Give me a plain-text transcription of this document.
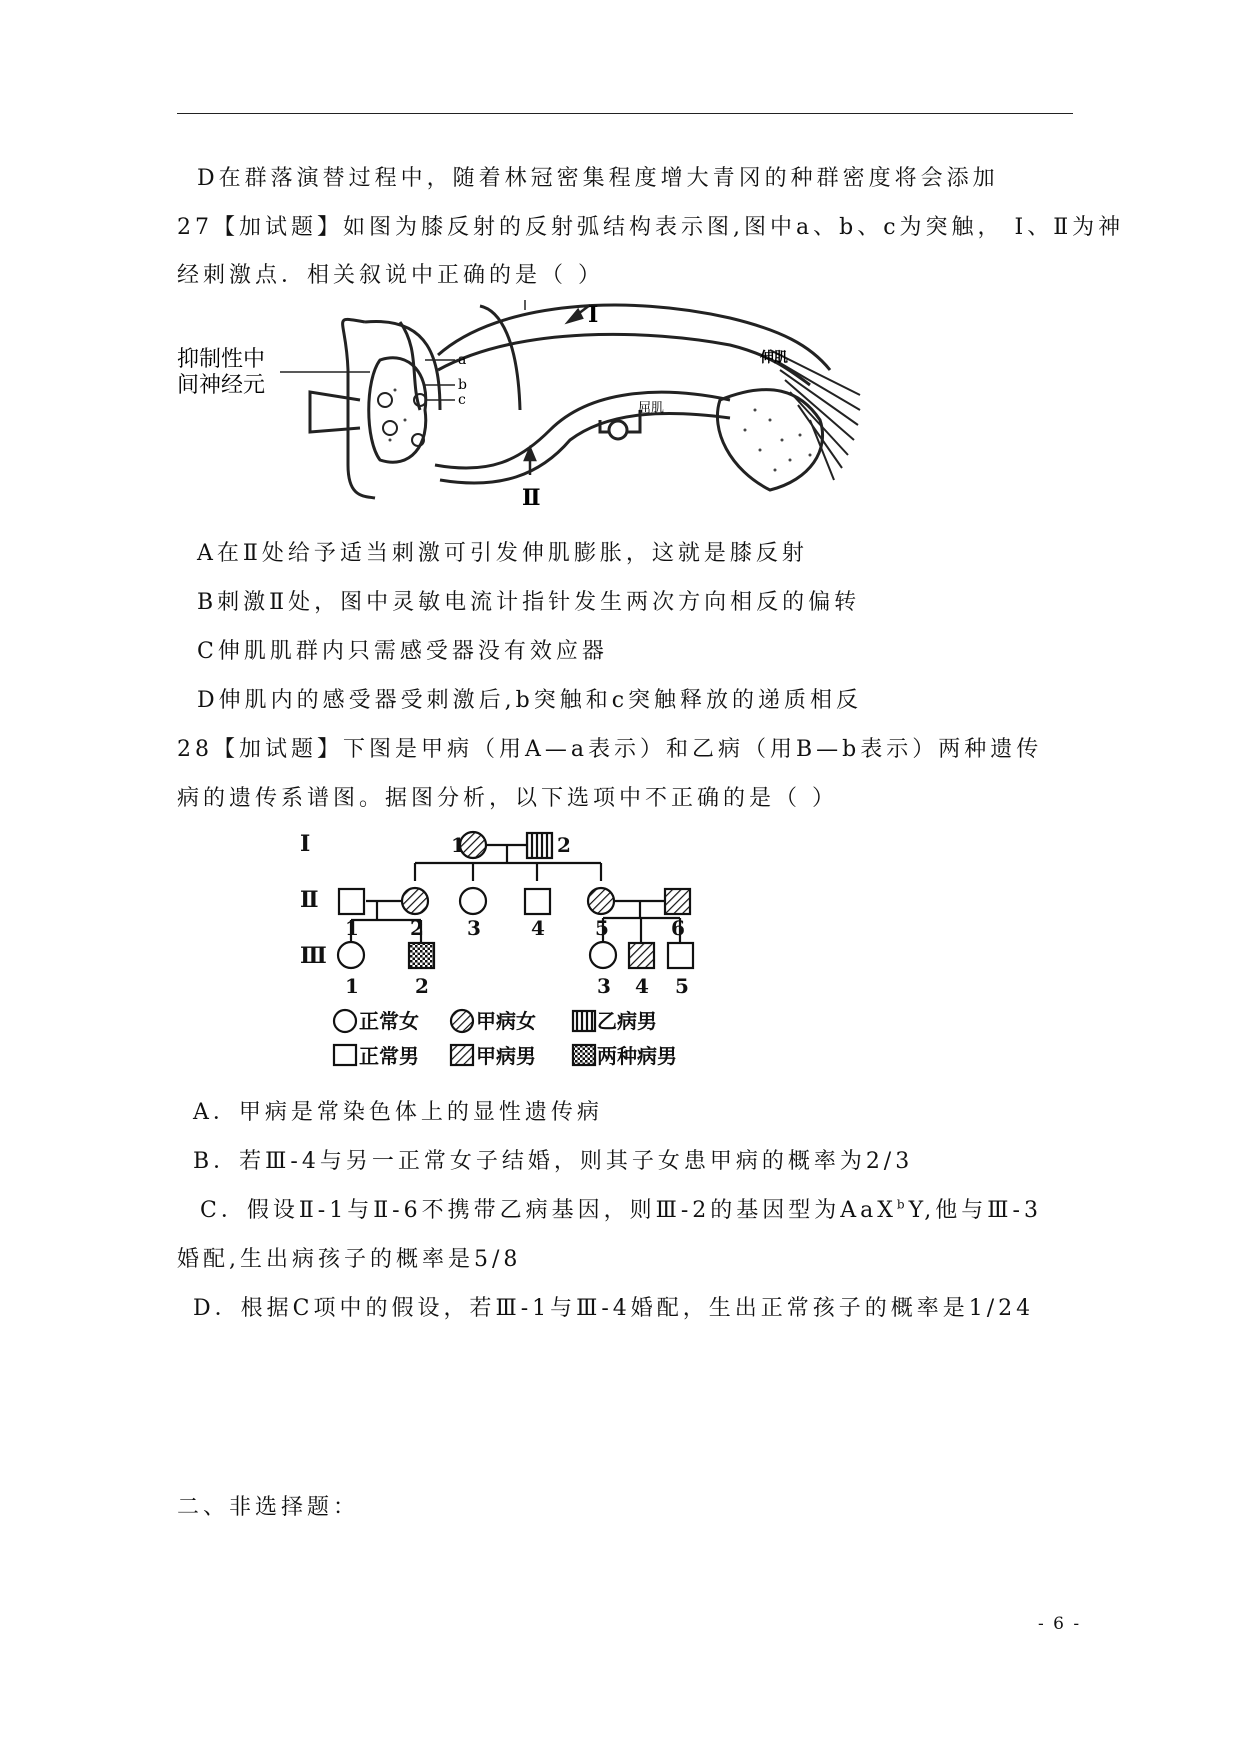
D在群落演替过程中，随着林冠密集程度增大青冈的种群密度将会添加
27【加试题】如图为膝反射的反射弧结构表示图,图中a、b、c为突触， Ⅰ、Ⅱ为神
经刺激点．相关叙说中正确的是（ ）
抑制性中
间神经元
a
b
c
Ⅰ
Ⅱ
伸肌
屈肌
A在Ⅱ处给予适当刺激可引发伸肌膨胀，这就是膝反射
B刺激Ⅱ处，图中灵敏电流计指针发生两次方向相反的偏转
C伸肌肌群内只需感受器没有效应器
D伸肌内的感受器受刺激后,b突触和c突触释放的递质相反
28【加试题】下图是甲病（用A—a表示）和乙病（用B—b表示）两种遗传
病的遗传系谱图。据图分析，以下选项中不正确的是（ ）
Ⅰ
Ⅱ
Ⅲ
1	2
1	2 3	4	5	6
1	2	3 4 5
正常女	甲病女	乙病男
正常男	甲病男	两种病男
A．甲病是常染色体上的显性遗传病
B．若Ⅲ-4与另一正常女子结婚，则其子女患甲病的概率为2/3
C．假设Ⅱ-1与Ⅱ-6不携带乙病基因，则Ⅲ-2的基因型为AaX$^b$Y,他与Ⅲ-3
婚配,生出病孩子的概率是5/8
D．根据C项中的假设，若Ⅲ-1与Ⅲ-4婚配，生出正常孩子的概率是1/24
二、非选择题：
- 6 -
